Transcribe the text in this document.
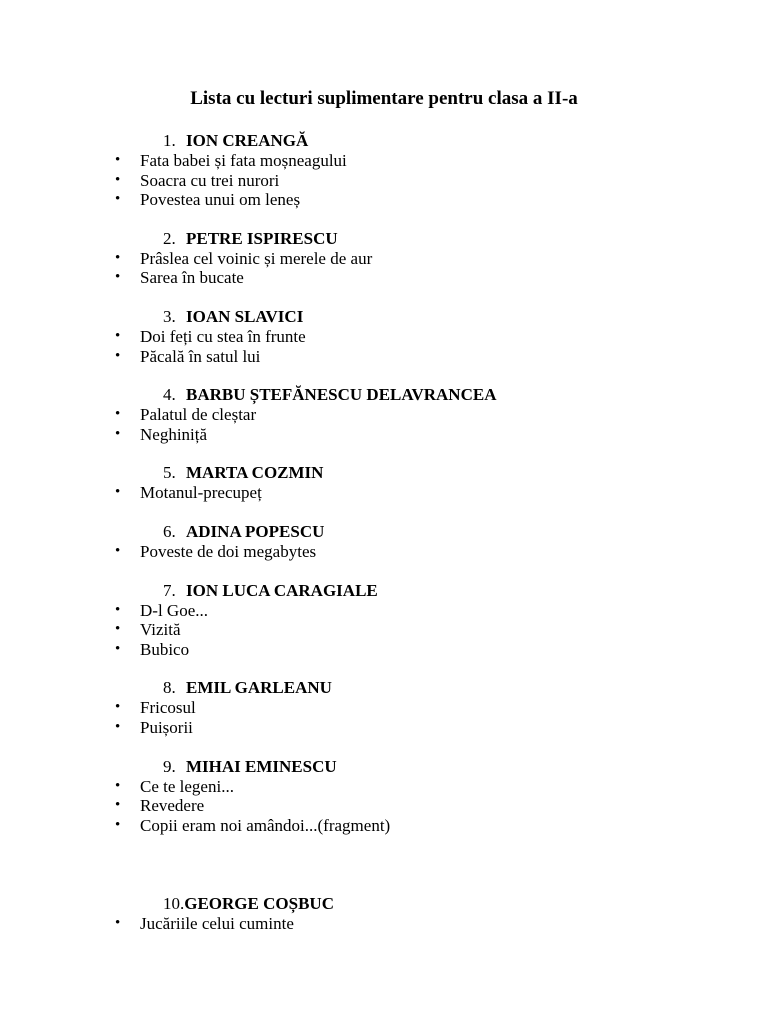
Lista cu lecturi suplimentare pentru clasa a II-a
1. ION CREANGĂ
• Fata babei și fata moșneagului
• Soacra cu trei nurori
• Povestea unui om leneș
2. PETRE ISPIRESCU
• Prâslea cel voinic și merele de aur
• Sarea în bucate
3. IOAN SLAVICI
• Doi feți cu stea în frunte
• Păcală în satul lui
4. BARBU ȘTEFĂNESCU DELAVRANCEA
• Palatul de cleștar
• Neghiniță
5. MARTA COZMIN
• Motanul-precupeț
6. ADINA POPESCU
• Poveste de doi megabytes
7. ION LUCA CARAGIALE
• D-l Goe...
• Vizită
• Bubico
8. EMIL GARLEANU
• Fricosul
• Puișorii
9. MIHAI EMINESCU
• Ce te legeni...
• Revedere
• Copii eram noi amândoi...(fragment)
10.GEORGE COȘBUC
• Jucăriile celui cuminte
